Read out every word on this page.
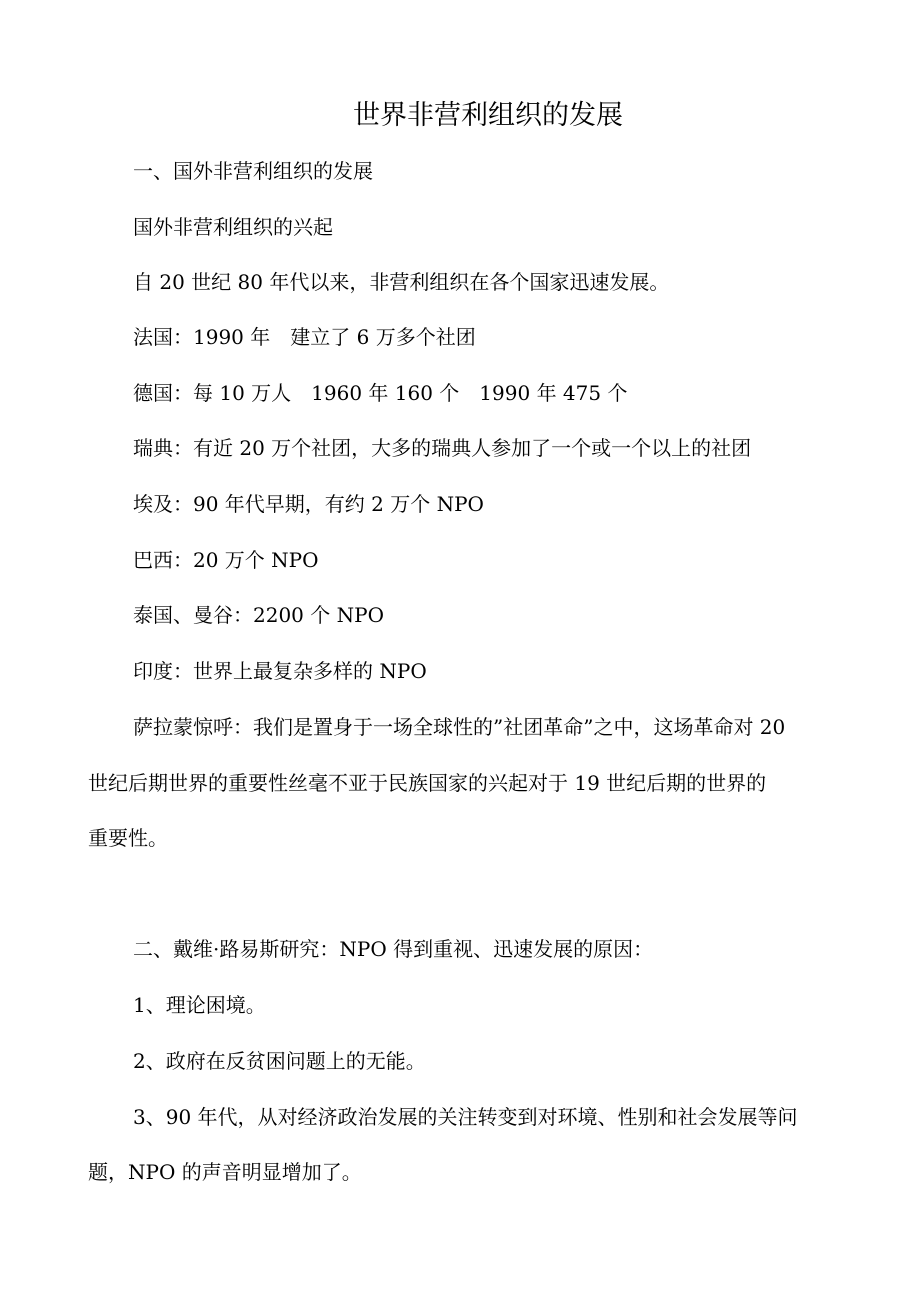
世界非营利组织的发展
一、国外非营利组织的发展
国外非营利组织的兴起
自 20 世纪 80 年代以来，非营利组织在各个国家迅速发展。
法国：1990 年　建立了 6 万多个社团
德国：每 10 万人　1960 年 160 个　1990 年 475 个
瑞典：有近 20 万个社团，大多的瑞典人参加了一个或一个以上的社团
埃及：90 年代早期，有约 2 万个 NPO
巴西：20 万个 NPO
泰国、曼谷：2200 个 NPO
印度：世界上最复杂多样的 NPO
萨拉蒙惊呼：我们是置身于一场全球性的”社团革命”之中，这场革命对 20
世纪后期世界的重要性丝毫不亚于民族国家的兴起对于 19 世纪后期的世界的
重要性。
二、戴维·路易斯研究：NPO 得到重视、迅速发展的原因：
1、理论困境。
2、政府在反贫困问题上的无能。
3、90 年代，从对经济政治发展的关注转变到对环境、性别和社会发展等问
题，NPO 的声音明显增加了。
